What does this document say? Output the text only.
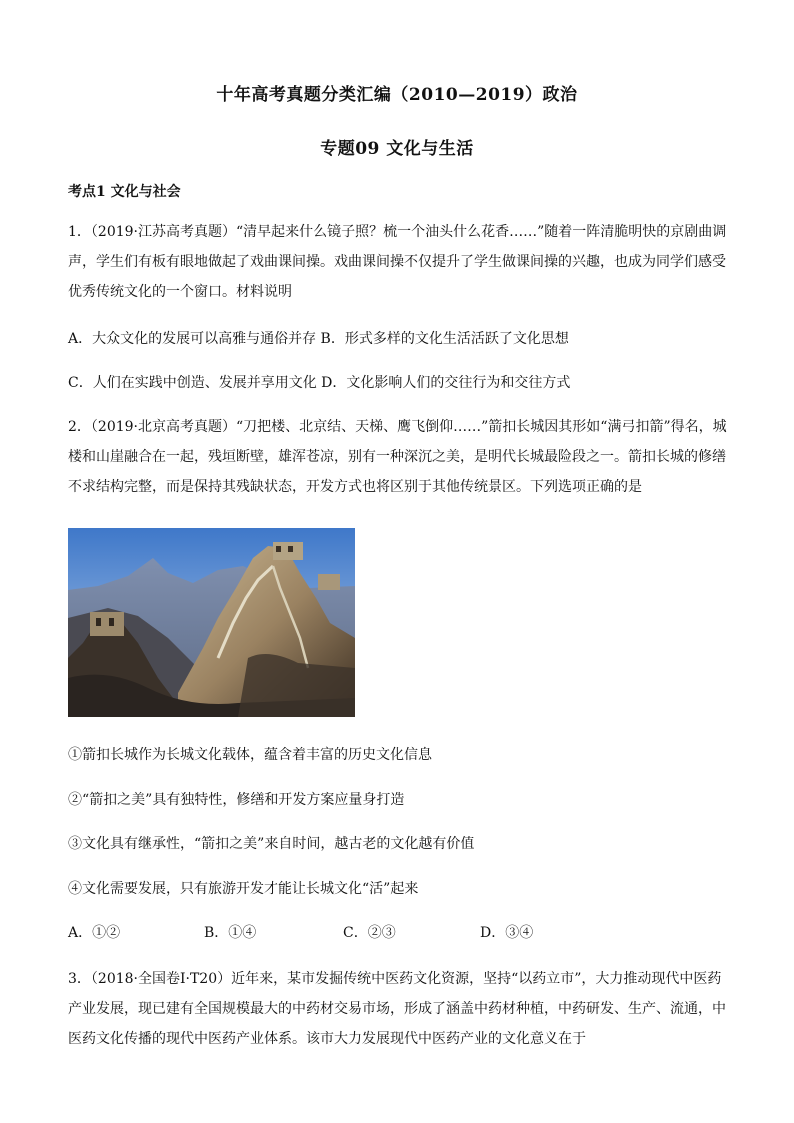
十年高考真题分类汇编（2010—2019）政治
专题09 文化与生活
考点1 文化与社会
1．（2019·江苏高考真题）“清早起来什么镜子照？梳一个油头什么花香……”随着一阵清脆明快的京剧曲调声，学生们有板有眼地做起了戏曲课间操。戏曲课间操不仅提升了学生做课间操的兴趣，也成为同学们感受优秀传统文化的一个窗口。材料说明
A．大众文化的发展可以高雅与通俗并存 B．形式多样的文化生活活跃了文化思想
C．人们在实践中创造、发展并享用文化 D．文化影响人们的交往行为和交往方式
2．（2019·北京高考真题）“刀把楼、北京结、天梯、鹰飞倒仰……”箭扣长城因其形如“满弓扣箭”得名，城楼和山崖融合在一起，残垣断壁，雄浑苍凉，别有一种深沉之美，是明代长城最险段之一。箭扣长城的修缮不求结构完整，而是保持其残缺状态，开发方式也将区别于其他传统景区。下列选项正确的是
①箭扣长城作为长城文化载体，蕴含着丰富的历史文化信息
②“箭扣之美”具有独特性，修缮和开发方案应量身打造
③文化具有继承性，“箭扣之美”来自时间，越古老的文化越有价值
④文化需要发展，只有旅游开发才能让长城文化“活”起来
A．①②	B．①④	C．②③	D．③④
3．（2018·全国卷Ⅰ·T20）近年来，某市发掘传统中医药文化资源，坚持“以药立市”，大力推动现代中医药产业发展，现已建有全国规模最大的中药材交易市场，形成了涵盖中药材种植，中药研发、生产、流通，中医药文化传播的现代中医药产业体系。该市大力发展现代中医药产业的文化意义在于
